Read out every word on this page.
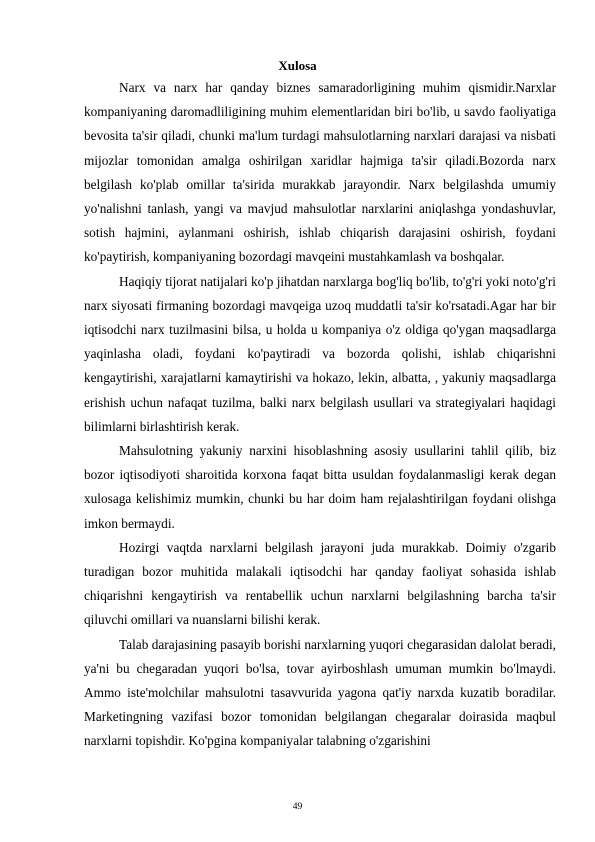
Xulosa

Narx va narx har qanday biznes samaradorligining muhim qismidir.Narxlar kompaniyaning daromadliligining muhim elementlaridan biri bo'lib, u savdo faoliyatiga bevosita ta'sir qiladi, chunki ma'lum turdagi mahsulotlarning narxlari darajasi va nisbati mijozlar tomonidan amalga oshirilgan xaridlar hajmiga ta'sir qiladi.Bozorda narx belgilash ko'plab omillar ta'sirida murakkab jarayondir. Narx belgilashda umumiy yo'nalishni tanlash, yangi va mavjud mahsulotlar narxlarini aniqlashga yondashuvlar, sotish hajmini, aylanmani oshirish, ishlab chiqarish darajasini oshirish, foydani ko'paytirish, kompaniyaning bozordagi mavqeini mustahkamlash va boshqalar.

Haqiqiy tijorat natijalari ko'p jihatdan narxlarga bog'liq bo'lib, to'g'ri yoki noto'g'ri narx siyosati firmaning bozordagi mavqeiga uzoq muddatli ta'sir ko'rsatadi.Agar har bir iqtisodchi narx tuzilmasini bilsa, u holda u kompaniya o'z oldiga qo'ygan maqsadlarga yaqinlasha oladi, foydani ko'paytiradi va bozorda qolishi, ishlab chiqarishni kengaytirishi, xarajatlarni kamaytirishi va hokazo, lekin, albatta, , yakuniy maqsadlarga erishish uchun nafaqat tuzilma, balki narx belgilash usullari va strategiyalari haqidagi bilimlarni birlashtirish kerak.

Mahsulotning yakuniy narxini hisoblashning asosiy usullarini tahlil qilib, biz bozor iqtisodiyoti sharoitida korxona faqat bitta usuldan foydalanmasligi kerak degan xulosaga kelishimiz mumkin, chunki bu har doim ham rejalashtirilgan foydani olishga imkon bermaydi.

Hozirgi vaqtda narxlarni belgilash jarayoni juda murakkab. Doimiy o'zgarib turadigan bozor muhitida malakali iqtisodchi har qanday faoliyat sohasida ishlab chiqarishni kengaytirish va rentabellik uchun narxlarni belgilashning barcha ta'sir qiluvchi omillari va nuanslarni bilishi kerak.

Talab darajasining pasayib borishi narxlarning yuqori chegarasidan dalolat beradi, ya'ni bu chegaradan yuqori bo'lsa, tovar ayirboshlash umuman mumkin bo'lmaydi. Ammo iste'molchilar mahsulotni tasavvurida yagona qat'iy narxda kuzatib boradilar. Marketingning vazifasi bozor tomonidan belgilangan chegaralar doirasida maqbul narxlarni topishdir. Ko'pgina kompaniyalar talabning o'zgarishini

49
